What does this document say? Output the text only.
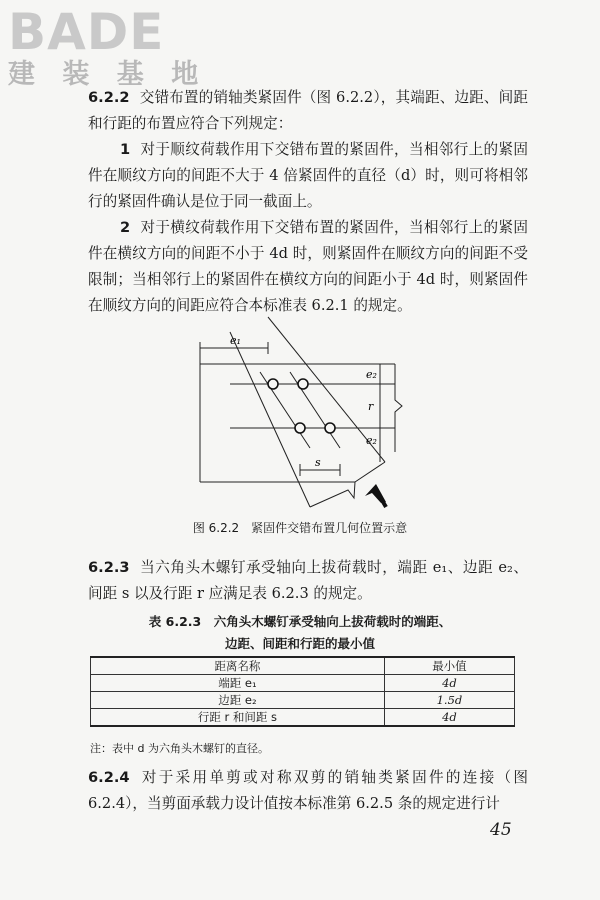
BADE
建 装 基 地

6.2.2 交错布置的销轴类紧固件（图 6.2.2），其端距、边距、间距和行距的布置应符合下列规定：

1 对于顺纹荷载作用下交错布置的紧固件，当相邻行上的紧固件在顺纹方向的间距不大于 4 倍紧固件的直径（d）时，则可将相邻行的紧固件确认是位于同一截面上。

2 对于横纹荷载作用下交错布置的紧固件，当相邻行上的紧固件在横纹方向的间距不小于 4d 时，则紧固件在顺纹方向的间距不受限制；当相邻行上的紧固件在横纹方向的间距小于 4d 时，则紧固件在顺纹方向的间距应符合本标准表 6.2.1 的规定。

e₁
e₂
r
e₂
s
图 6.2.2　紧固件交错布置几何位置示意

6.2.3 当六角头木螺钉承受轴向上拔荷载时，端距 e₁、边距 e₂、间距 s 以及行距 r 应满足表 6.2.3 的规定。

表 6.2.3　六角头木螺钉承受轴向上拔荷载时的端距、
边距、间距和行距的最小值
距离名称	最小值
端距 e₁	4d
边距 e₂	1.5d
行距 r 和间距 s	4d
注：表中 d 为六角头木螺钉的直径。

6.2.4 对于采用单剪或对称双剪的销轴类紧固件的连接（图 6.2.4），当剪面承载力设计值按本标准第 6.2.5 条的规定进行计

45
